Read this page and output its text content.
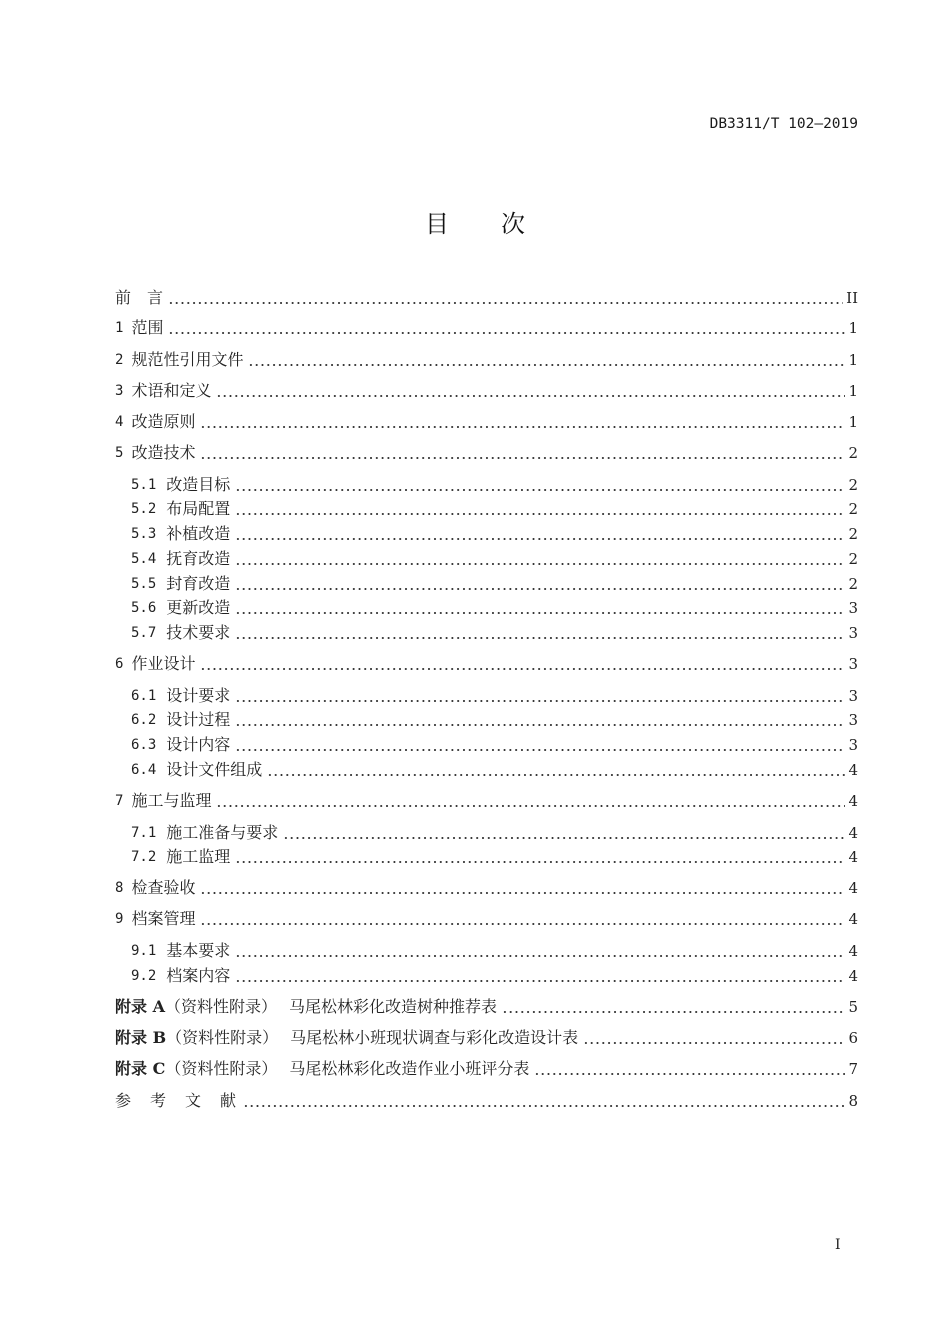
DB3311/T 102—2019
目　次
前　言	II
1 范围	1
2 规范性引用文件	1
3 术语和定义	1
4 改造原则	1
5 改造技术	2
5.1 改造目标	2
5.2 布局配置	2
5.3 补植改造	2
5.4 抚育改造	2
5.5 封育改造	2
5.6 更新改造	3
5.7 技术要求	3
6 作业设计	3
6.1 设计要求	3
6.2 设计过程	3
6.3 设计内容	3
6.4 设计文件组成	4
7 施工与监理	4
7.1 施工准备与要求	4
7.2 施工监理	4
8 检查验收	4
9 档案管理	4
9.1 基本要求	4
9.2 档案内容	4
附录 A （资料性附录） 马尾松林彩化改造树种推荐表	5
附录 B （资料性附录） 马尾松林小班现状调查与彩化改造设计表	6
附录 C （资料性附录） 马尾松林彩化改造作业小班评分表	7
参　考　文　献	8
I
